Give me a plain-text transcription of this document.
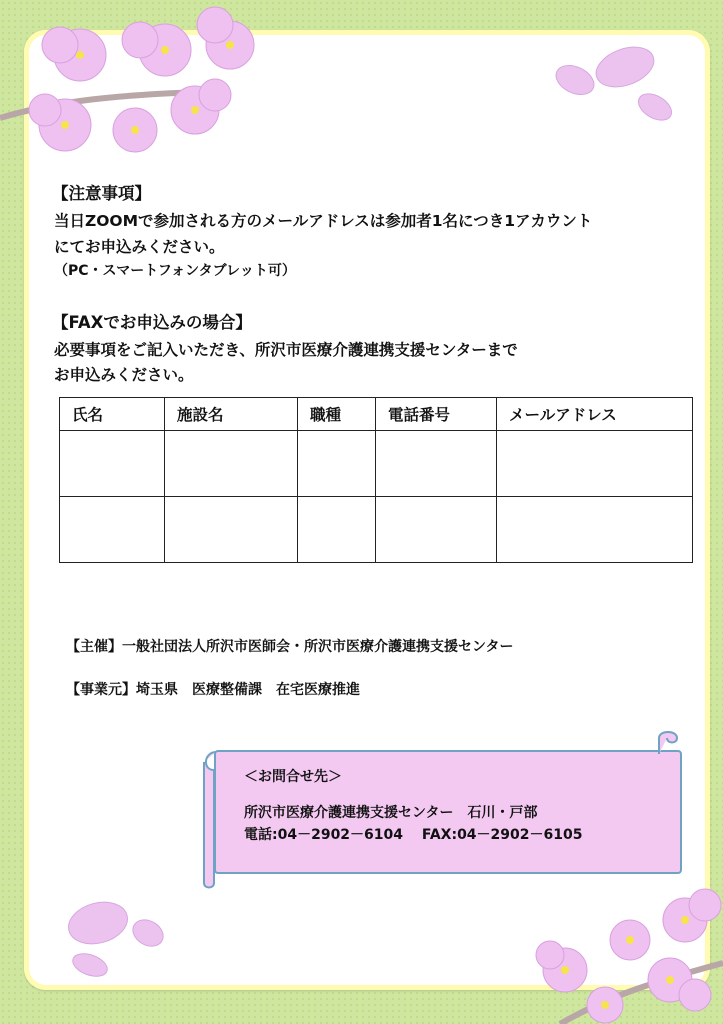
【注意事項】
当日ZOOMで参加される方のメールアドレスは参加者1名につき1アカウント
にてお申込みください。
（PC・スマートフォンタブレット可）
【FAXでお申込みの場合】
必要事項をご記入いただき、所沢市医療介護連携支援センターまで
お申込みください。
氏名	施設名	職種	電話番号	メールアドレス

【主催】一般社団法人所沢市医師会・所沢市医療介護連携支援センター
【事業元】埼玉県　医療整備課　在宅医療推進
＜お問合せ先＞
所沢市医療介護連携支援センター　石川・戸部
電話:04－2902－6104　 FAX:04－2902－6105
